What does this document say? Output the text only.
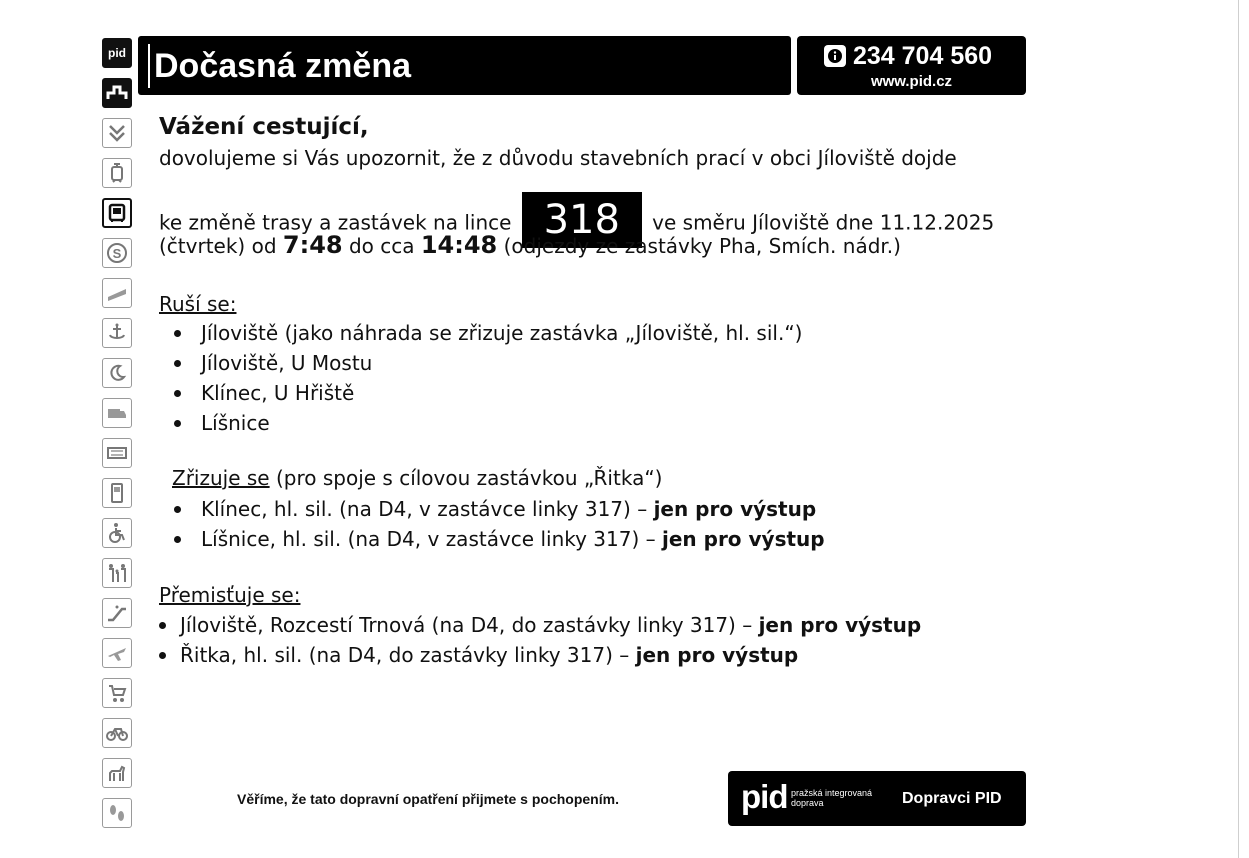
pid
S
Dočasná změna	234 704 560
www.pid.cz
Vážení cestující,
dovolujeme si Vás upozornit, že z důvodu stavebních prací v obci Jíloviště dojde
ke změně trasy a zastávek na lince 318 ve směru Jíloviště dne 11.12.2025
(čtvrtek) od 7:48 do cca 14:48 (odjezdy ze zastávky Pha, Smích. nádr.)
Ruší se:
Jíloviště (jako náhrada se zřizuje zastávka „Jíloviště, hl. sil.“)
Jíloviště, U Mostu
Klínec, U Hřiště
Líšnice
Zřizuje se (pro spoje s cílovou zastávkou „Řitka“)
Klínec, hl. sil. (na D4, v zastávce linky 317) – jen pro výstup
Líšnice, hl. sil. (na D4, v zastávce linky 317) – jen pro výstup
Přemisťuje se:
Jíloviště, Rozcestí Trnová (na D4, do zastávky linky 317) – jen pro výstup
Řitka, hl. sil. (na D4, do zastávky linky 317) – jen pro výstup
Věříme, že tato dopravní opatření přijmete s pochopením.	pid pražská integrovaná doprava	Dopravci PID
